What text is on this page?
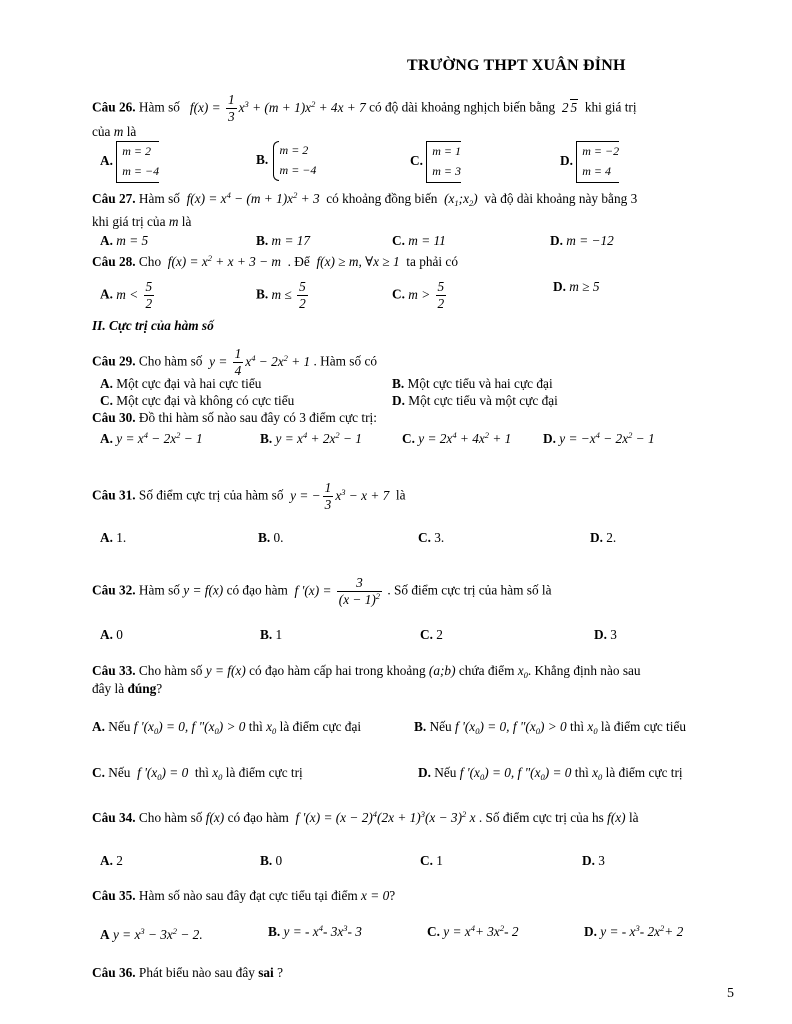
TRƯỜNG THPT XUÂN ĐỈNH
Câu 26. Hàm số   $f(x) = \frac{1}{3} x^3 + (m + 1)x^2 + 4x + 7$ có độ dài khoảng nghịch biến bằng  2 5 khi giá trị
của m là
A.
m = 2
m = −4
B.
m = 2
m = −4
C.
m = 1
m = 3
D.
m = −2
m = 4
Câu 27. Hàm số  $f(x) = x^4 - (m + 1)x^2 + 3$  có khoảng đồng biến  $(x_1;x_2)$  và độ dài khoảng này bằng 3
khi giá trị của m là
A. m = 5	B. m = 17	C. m = 11	D. m = −12
Câu 28. Cho  $f(x) = x^2 + x + 3 - m$  . Để  f(x) ≥ m, ∀x ≥ 1  ta phải có
A. $m < \frac{5}{2}$	B. $m \le \frac{5}{2}$	C. $m > \frac{5}{2}$	D. m ≥ 5
II. Cực trị của hàm số
Câu 29. Cho hàm số  $y = \frac{1}{4} x^4 - 2x^2 + 1$ . Hàm số có
A. Một cực đại và hai cực tiểu	B. Một cực tiểu và hai cực đại
C. Một cực đại và không có cực tiểu	D. Một cực tiểu và một cực đại
Câu 30. Đồ thi hàm số nào sau đây có 3 điểm cực trị:
A. $y = x^4 - 2x^2 - 1$	B. $y = x^4 + 2x^2 - 1$	C. $y = 2x^4 + 4x^2 + 1$ D. $y = -x^4 - 2x^2 - 1$
Câu 31. Số điểm cực trị của hàm số  y = − $\frac{1}{3} x^3 - x + 7$  là
A. 1.	B. 0.	C. 3.	D. 2.
Câu 32. Hàm số y = f(x) có đạo hàm  f '$(x) = \frac{3}{(x - 1)^2}$ . Số điểm cực trị của hàm số là
A. 0	B. 1	C. 2	D. 3
Câu 33. Cho hàm số y = f(x) có đạo hàm cấp hai trong khoảng (a;b) chứa điểm $x_0$. Khẳng định nào sau
đây là đúng?
A. Nếu f '$(x_0) = 0$, f "$(x_0) > 0$ thì $x_0$ là điểm cực đại	B. Nếu f '$(x_0) = 0$, f "$(x_0) > 0$ thì $x_0$ là điểm cực tiểu
C. Nếu  f '$(x_0) = 0$  thì $x_0$ là điểm cực trị	D. Nếu f '$(x_0) = 0$, f "$(x_0) = 0$ thì $x_0$ là điểm cực trị
Câu 34. Cho hàm số f(x) có đạo hàm  f '$(x) = (x - 2)^4(2x + 1)^3(x - 3)^2$ x . Số điểm cực trị của hs f(x) là
A. 2	B. 0	C. 1	D. 3
Câu 35. Hàm số nào sau đây đạt cực tiểu tại điểm x = 0?
A $y = x^3 - 3x^2 - 2$.	B. y = - $x^4-$ $3x^3-$ 3	C. $y = x^4+ 3x^2-$ 2	D. y = - $x^3-$ $2x^2+ 2$
Câu 36. Phát biểu nào sau đây sai ?
5
